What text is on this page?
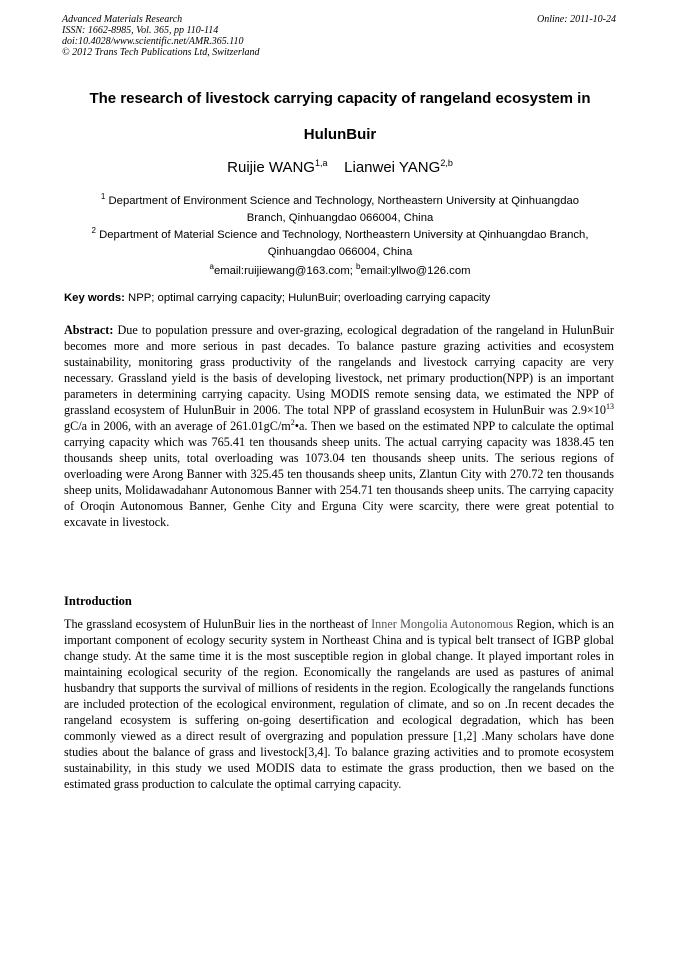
Advanced Materials Research
ISSN: 1662-8985, Vol. 365, pp 110-114
doi:10.4028/www.scientific.net/AMR.365.110
© 2012 Trans Tech Publications Ltd, Switzerland
Online: 2011-10-24
The research of livestock carrying capacity of rangeland ecosystem in
HulunBuir
Ruijie WANG$^{1,a}$ Lianwei YANG$^{2,b}$
$^1$ Department of Environment Science and Technology, Northeastern University at Qinhuangdao
Branch, Qinhuangdao 066004, China
$^2$ Department of Material Science and Technology, Northeastern University at Qinhuangdao Branch,
Qinhuangdao 066004, China
$^a$email:ruijiewang@163.com; $^b$email:yllwo@126.com
Key words: NPP; optimal carrying capacity; HulunBuir; overloading carrying capacity
Abstract: Due to population pressure and over-grazing, ecological degradation of the rangeland in HulunBuir becomes more and more serious in past decades. To balance pasture grazing activities and ecosystem sustainability, monitoring grass productivity of the rangelands and livestock carrying capacity are very necessary. Grassland yield is the basis of developing livestock, net primary production(NPP) is an important parameters in determining carrying capacity. Using MODIS remote sensing data, we estimated the NPP of grassland ecosystem of HulunBuir in 2006. The total NPP of grassland ecosystem in HulunBuir was $2.9\times 10^{13}$ gC/a in 2006, with an average of $261.01gC/m^2•a$. Then we based on the estimated NPP to calculate the optimal carrying capacity which was 765.41 ten thousands sheep units. The actual carrying capacity was 1838.45 ten thousands sheep units, total overloading was 1073.04 ten thousands sheep units. The serious regions of overloading were Arong Banner with 325.45 ten thousands sheep units, Zlantun City with 270.72 ten thousands sheep units, Molidawadahanr Autonomous Banner with 254.71 ten thousands sheep units. The carrying capacity of Oroqin Autonomous Banner, Genhe City and Erguna City were scarcity, there were great potential to excavate in livestock.
Introduction
The grassland ecosystem of HulunBuir lies in the northeast of Inner Mongolia Autonomous Region, which is an important component of ecology security system in Northeast China and is typical belt transect of IGBP global change study. At the same time it is the most susceptible region in global change. It played important roles in maintaining ecological security of the region. Economically the rangelands are used as pastures of animal husbandry that supports the survival of millions of residents in the region. Ecologically the rangelands functions are included protection of the ecological environment, regulation of climate, and so on .In recent decades the rangeland ecosystem is suffering on-going desertification and ecological degradation, which has been commonly viewed as a direct result of overgrazing and population pressure [1,2] .Many scholars have done studies about the balance of grass and livestock[3,4]. To balance grazing activities and to promote ecosystem sustainability, in this study we used MODIS data to estimate the grass production, then we based on the estimated grass production to calculate the optimal carrying capacity.
